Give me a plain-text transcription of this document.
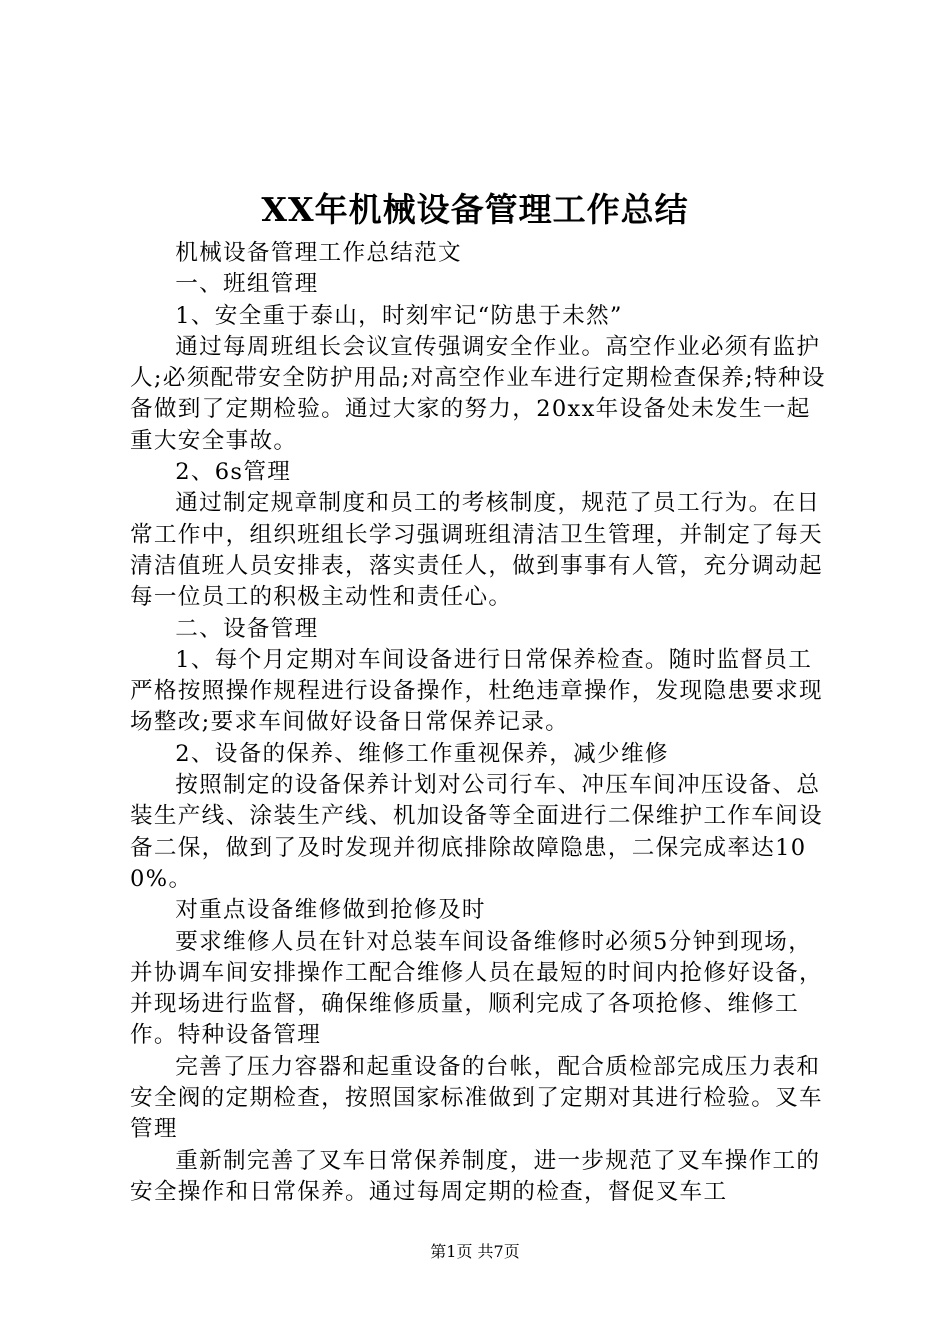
XX年机械设备管理工作总结

机械设备管理工作总结范文

一、班组管理

1、安全重于泰山，时刻牢记“防患于未然”

通过每周班组长会议宣传强调安全作业。高空作业必须有监护人;必须配带安全防护用品;对高空作业车进行定期检查保养;特种设备做到了定期检验。通过大家的努力，20xx年设备处未发生一起重大安全事故。

2、6s管理

通过制定规章制度和员工的考核制度，规范了员工行为。在日常工作中，组织班组长学习强调班组清洁卫生管理，并制定了每天清洁值班人员安排表，落实责任人，做到事事有人管，充分调动起每一位员工的积极主动性和责任心。

二、设备管理

1、每个月定期对车间设备进行日常保养检查。随时监督员工严格按照操作规程进行设备操作，杜绝违章操作，发现隐患要求现场整改;要求车间做好设备日常保养记录。

2、设备的保养、维修工作重视保养，减少维修

按照制定的设备保养计划对公司行车、冲压车间冲压设备、总装生产线、涂装生产线、机加设备等全面进行二保维护工作车间设备二保，做到了及时发现并彻底排除故障隐患，二保完成率达100%。

对重点设备维修做到抢修及时

要求维修人员在针对总装车间设备维修时必须5分钟到现场，并协调车间安排操作工配合维修人员在最短的时间内抢修好设备，并现场进行监督，确保维修质量，顺利完成了各项抢修、维修工作。特种设备管理

完善了压力容器和起重设备的台帐，配合质检部完成压力表和安全阀的定期检查，按照国家标准做到了定期对其进行检验。叉车管理

重新制完善了叉车日常保养制度，进一步规范了叉车操作工的安全操作和日常保养。通过每周定期的检查，督促叉车工

第1页 共7页
